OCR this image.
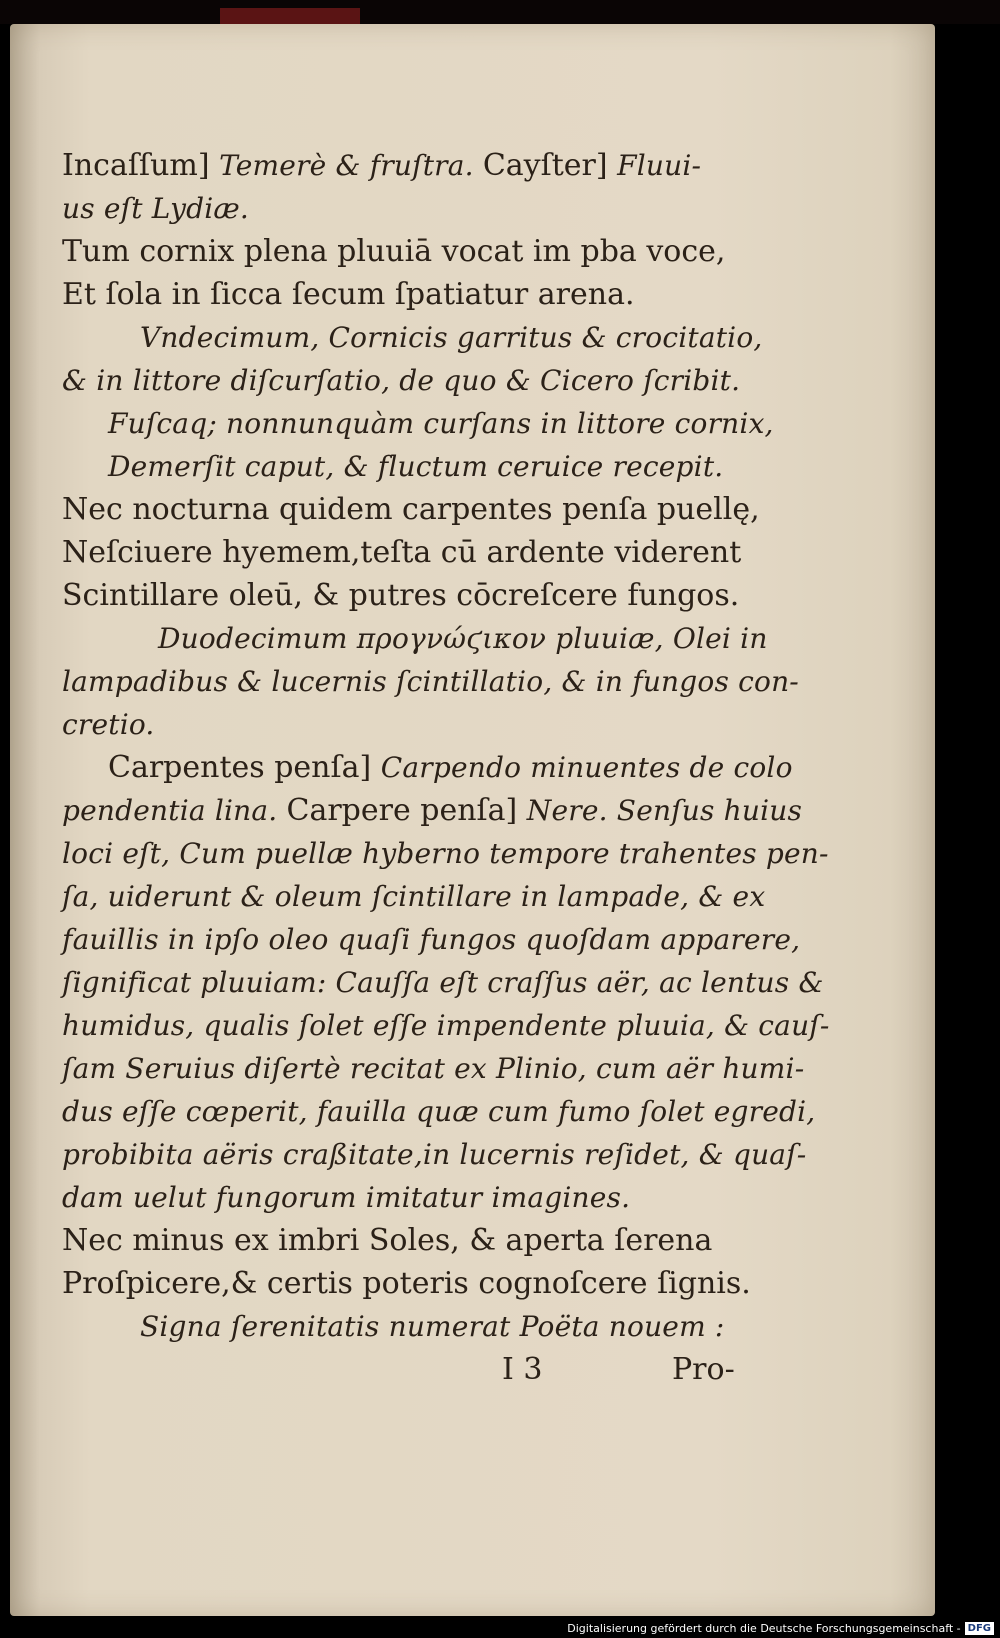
Incaſſum] Temerè & fruſtra. Cayſter] Fluui-
us eſt Lydiæ.
Tum cornix plena pluuiā vocat im pba voce,
Et ſola in ſicca ſecum ſpatiatur arena.
Vndecimum, Cornicis garritus & crocitatio,
& in littore diſcurſatio, de quo & Cicero ſcribit.
Fuſcaq; nonnunquàm curſans in littore cornix,
Demerſit caput, & fluctum ceruice recepit.
Nec nocturna quidem carpentes penſa puellę,
Neſciuere hyemem,teſta cū ardente viderent
Scintillare oleū, & putres cōcreſcere fungos.
Duodecimum προγνώϛικον pluuiæ, Olei in
lampadibus & lucernis ſcintillatio, & in fungos con-
cretio.
Carpentes penſa] Carpendo minuentes de colo
pendentia lina. Carpere penſa] Nere. Senſus huius
loci eſt, Cum puellæ hyberno tempore trahentes pen-
ſa, uiderunt & oleum ſcintillare in lampade, & ex
fauillis in ipſo oleo quaſi fungos quoſdam apparere,
ſignificat pluuiam: Cauſſa eſt craſſus aër, ac lentus &
humidus, qualis ſolet eſſe impendente pluuia, & cauſ-
ſam Seruius diſertè recitat ex Plinio, cum aër humi-
dus eſſe cœperit, fauilla quæ cum fumo ſolet egredi,
probibita aëris craßitate,in lucernis reſidet, & quaſ-
dam uelut fungorum imitatur imagines.
Nec minus ex imbri Soles, & aperta ſerena
Proſpicere,& certis poteris cognoſcere ſignis.
Signa ſerenitatis numerat Poëta nouem :
I 3	Pro-
Digitalisierung gefördert durch die Deutsche Forschungsgemeinschaft - DFG
